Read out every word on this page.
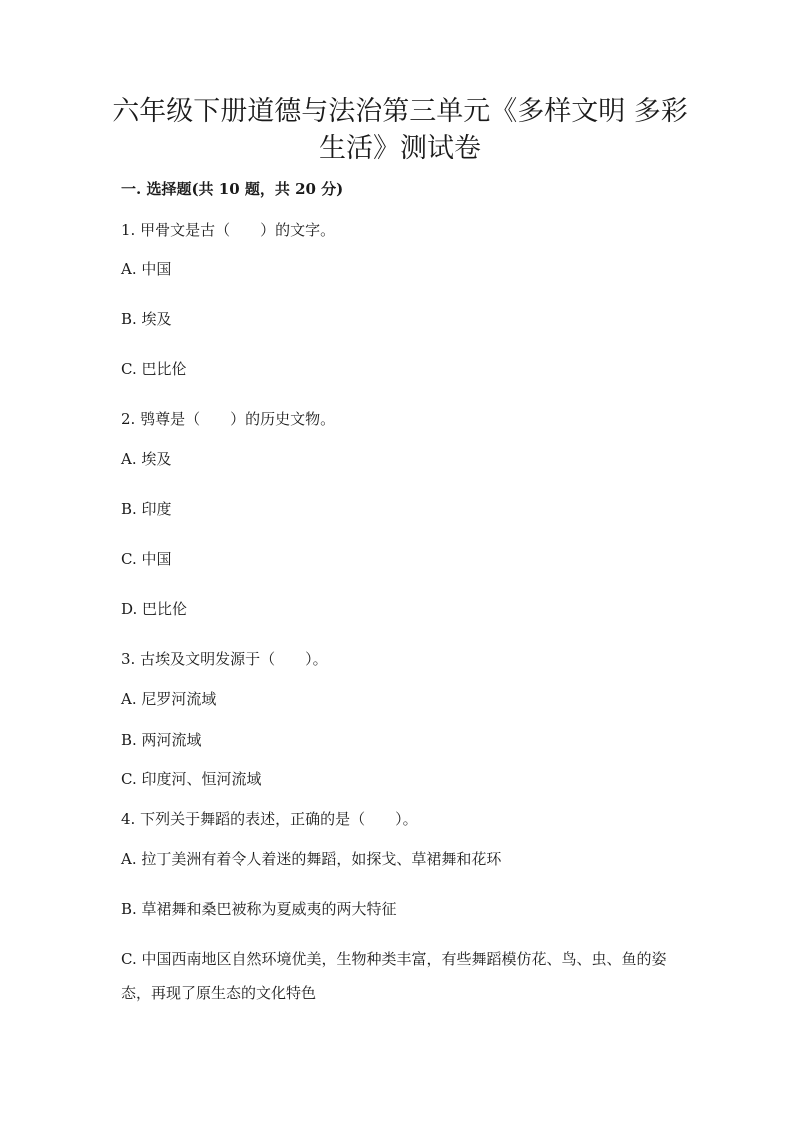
六年级下册道德与法治第三单元《多样文明 多彩生活》测试卷
一. 选择题(共 10 题，共 20 分)
1. 甲骨文是古（　　）的文字。
A. 中国
B. 埃及
C. 巴比伦
2. 鸮尊是（　　）的历史文物。
A. 埃及
B. 印度
C. 中国
D. 巴比伦
3. 古埃及文明发源于（　　）。
A. 尼罗河流域
B. 两河流域
C. 印度河、恒河流域
4. 下列关于舞蹈的表述，正确的是（　　）。
A. 拉丁美洲有着令人着迷的舞蹈，如探戈、草裙舞和花环
B. 草裙舞和桑巴被称为夏威夷的两大特征
C. 中国西南地区自然环境优美，生物种类丰富，有些舞蹈模仿花、鸟、虫、鱼的姿 态，再现了原生态的文化特色
